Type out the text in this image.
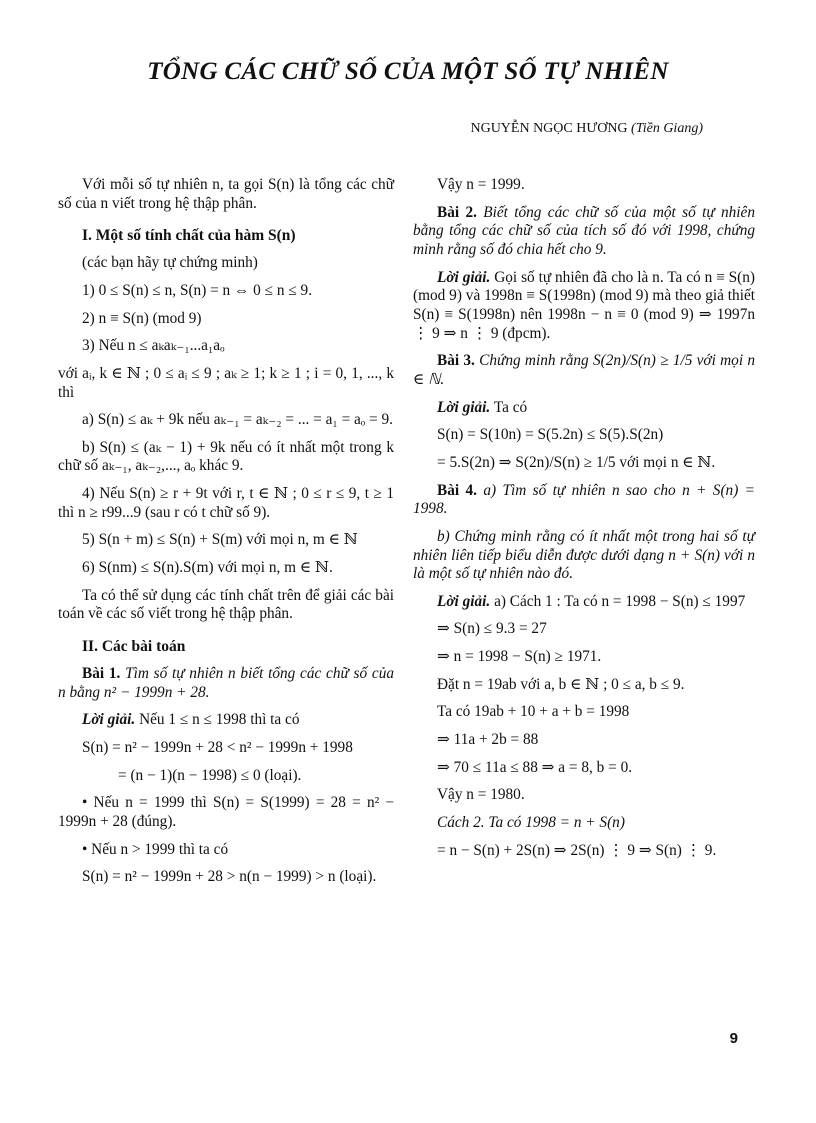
TỔNG CÁC CHỮ SỐ CỦA MỘT SỐ TỰ NHIÊN
NGUYỄN NGỌC HƯƠNG (Tiền Giang)

Với mỗi số tự nhiên n, ta gọi S(n) là tổng các chữ số của n viết trong hệ thập phân.

I. Một số tính chất của hàm S(n)

(các bạn hãy tự chứng minh)

1) 0 ≤ S(n) ≤ n, S(n) = n ⇔ 0 ≤ n ≤ 9.

2) n ≡ S(n) (mod 9)

3) Nếu n ≤ aₖaₖ₋₁...a₁aₒ

với aᵢ, k ∈ ℕ ; 0 ≤ aᵢ ≤ 9 ; aₖ ≥ 1; k ≥ 1 ; i = 0, 1, ..., k thì

a) S(n) ≤ aₖ + 9k nếu aₖ₋₁ = aₖ₋₂ = ... = a₁ = aₒ = 9.

b) S(n) ≤ (aₖ − 1) + 9k nếu có ít nhất một trong k chữ số aₖ₋₁, aₖ₋₂,..., aₒ khác 9.

4) Nếu S(n) ≥ r + 9t với r, t ∈ ℕ ; 0 ≤ r ≤ 9, t ≥ 1 thì n ≥ r99...9 (sau r có t chữ số 9).

5) S(n + m) ≤ S(n) + S(m) với mọi n, m ∈ ℕ

6) S(nm) ≤ S(n).S(m) với mọi n, m ∈ ℕ.

Ta có thể sử dụng các tính chất trên để giải các bài toán về các số viết trong hệ thập phân.

II. Các bài toán

Bài 1. Tìm số tự nhiên n biết tổng các chữ số của n bằng n² − 1999n + 28.

Lời giải. Nếu 1 ≤ n ≤ 1998 thì ta có

S(n) = n² − 1999n + 28 < n² − 1999n + 1998

= (n − 1)(n − 1998) ≤ 0 (loại).

• Nếu n = 1999 thì S(n) = S(1999) = 28 = n² − 1999n + 28 (đúng).

• Nếu n > 1999 thì ta có

S(n) = n² − 1999n + 28 > n(n − 1999) > n (loại).

Vậy n = 1999.

Bài 2. Biết tổng các chữ số của một số tự nhiên bằng tổng các chữ số của tích số đó với 1998, chứng minh rằng số đó chia hết cho 9.

Lời giải. Gọi số tự nhiên đã cho là n. Ta có n ≡ S(n) (mod 9) và 1998n ≡ S(1998n) (mod 9) mà theo giả thiết S(n) ≡ S(1998n) nên 1998n − n ≡ 0 (mod 9) ⇒ 1997n ⋮ 9 ⇒ n ⋮ 9 (đpcm).

Bài 3. Chứng minh rằng S(2n)/S(n) ≥ 1/5 với mọi n ∈ ℕ.

Lời giải. Ta có

S(n) = S(10n) = S(5.2n) ≤ S(5).S(2n)

= 5.S(2n) ⇒ S(2n)/S(n) ≥ 1/5 với mọi n ∈ ℕ.

Bài 4. a) Tìm số tự nhiên n sao cho n + S(n) = 1998.

b) Chứng minh rằng có ít nhất một trong hai số tự nhiên liên tiếp biểu diễn được dưới dạng n + S(n) với n là một số tự nhiên nào đó.

Lời giải. a) Cách 1 : Ta có n = 1998 − S(n) ≤ 1997

⇒ S(n) ≤ 9.3 = 27

⇒ n = 1998 − S(n) ≥ 1971.

Đặt n = 19ab với a, b ∈ ℕ ; 0 ≤ a, b ≤ 9.

Ta có 19ab + 10 + a + b = 1998

⇒ 11a + 2b = 88

⇒ 70 ≤ 11a ≤ 88 ⇒ a = 8, b = 0.

Vậy n = 1980.

Cách 2. Ta có 1998 = n + S(n)

= n − S(n) + 2S(n) ⇒ 2S(n) ⋮ 9 ⇒ S(n) ⋮ 9.

9
